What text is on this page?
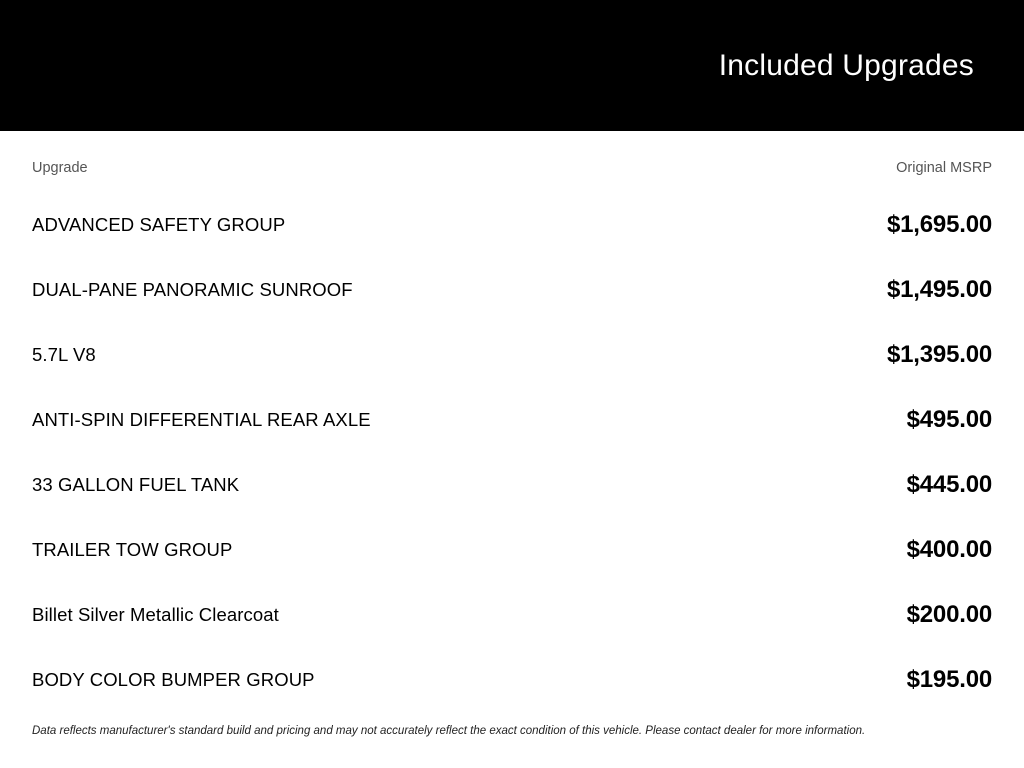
Included Upgrades
Upgrade	Original MSRP
ADVANCED SAFETY GROUP	$1,695.00
DUAL-PANE PANORAMIC SUNROOF	$1,495.00
5.7L V8	$1,395.00
ANTI-SPIN DIFFERENTIAL REAR AXLE	$495.00
33 GALLON FUEL TANK	$445.00
TRAILER TOW GROUP	$400.00
Billet Silver Metallic Clearcoat	$200.00
BODY COLOR BUMPER GROUP	$195.00
Data reflects manufacturer's standard build and pricing and may not accurately reflect the exact condition of this vehicle. Please contact dealer for more information.
